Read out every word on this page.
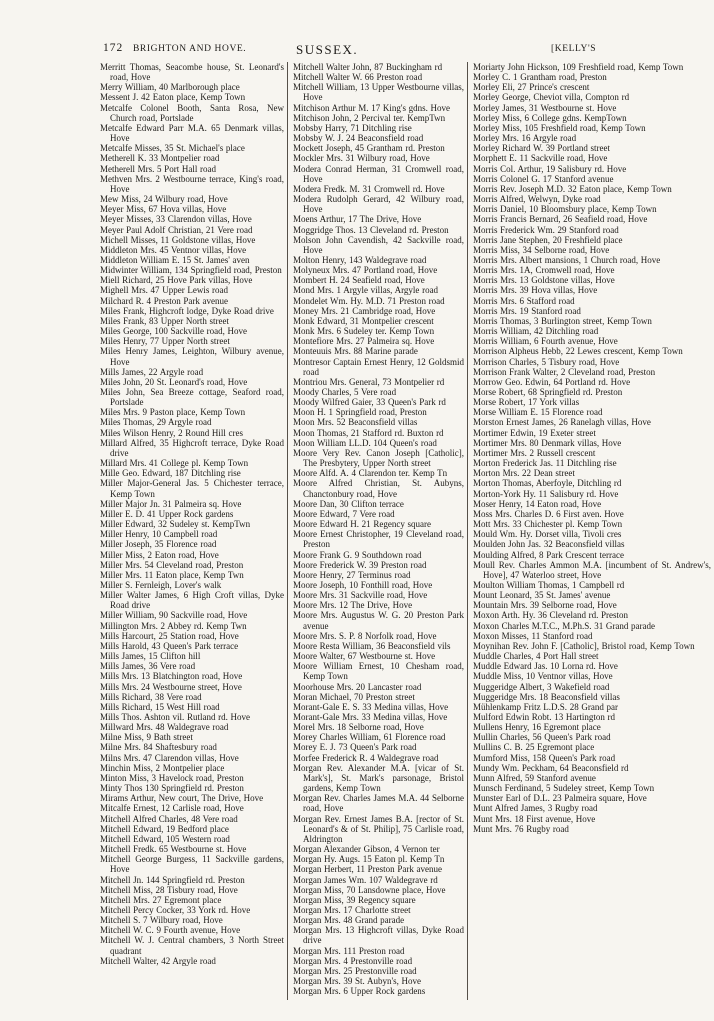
172 BRIGHTON AND HOVE.	SUSSEX.	[KELLY'S

Merritt Thomas, Seacombe house, St. Leonard's road, Hove

Merry William, 40 Marlborough place

Messent J. 42 Eaton place, Kemp Town

Metcalfe Colonel Booth, Santa Rosa, New Church road, Portslade

Metcalfe Edward Parr M.A. 65 Denmark villas, Hove

Metcalfe Misses, 35 St. Michael's place

Metherell K. 33 Montpelier road

Metherell Mrs. 5 Port Hall road

Methven Mrs. 2 Westbourne terrace, King's road, Hove

Mew Miss, 24 Wilbury road, Hove

Meyer Miss, 67 Hova villas, Hove

Meyer Misses, 33 Clarendon villas, Hove

Meyer Paul Adolf Christian, 21 Vere road

Michell Misses, 11 Goldstone villas, Hove

Middleton Mrs. 45 Ventnor villas, Hove

Middleton William E. 15 St. James' aven

Midwinter William, 134 Springfield road, Preston

Miell Richard, 25 Hove Park villas, Hove

Mighell Mrs. 47 Upper Lewis road

Milchard R. 4 Preston Park avenue

Miles Frank, Highcroft lodge, Dyke Road drive

Miles Frank, 83 Upper North street

Miles George, 100 Sackville road, Hove

Miles Henry, 77 Upper North street

Miles Henry James, Leighton, Wilbury avenue, Hove

Mills James, 22 Argyle road

Miles John, 20 St. Leonard's road, Hove

Miles John, Sea Breeze cottage, Seaford road, Portslade

Miles Mrs. 9 Paston place, Kemp Town

Miles Thomas, 29 Argyle road

Miles Wilson Henry, 2 Round Hill cres

Millard Alfred, 35 Highcroft terrace, Dyke Road drive

Millard Mrs. 41 College pl. Kemp Town

Mille Geo. Edward, 187 Ditchling rise

Miller Major-General Jas. 5 Chichester terrace, Kemp Town

Miller Major Jn. 31 Palmeira sq. Hove

Miller E. D. 41 Upper Rock gardens

Miller Edward, 32 Sudeley st. KempTwn

Miller Henry, 10 Campbell road

Miller Joseph, 35 Florence road

Miller Miss, 2 Eaton road, Hove

Miller Mrs. 54 Cleveland road, Preston

Miller Mrs. 11 Eaton place, Kemp Twn

Miller S. Fernleigh, Lover's walk

Miller Walter James, 6 High Croft villas, Dyke Road drive

Miller William, 90 Sackville road, Hove

Millington Mrs. 2 Abbey rd. Kemp Twn

Mills Harcourt, 25 Station road, Hove

Mills Harold, 43 Queen's Park terrace

Mills James, 15 Clifton hill

Mills James, 36 Vere road

Mills Mrs. 13 Blatchington road, Hove

Mills Mrs. 24 Westbourne street, Hove

Mills Richard, 38 Vere road

Mills Richard, 15 West Hill road

Mills Thos. Ashton vil. Rutland rd. Hove

Millward Mrs. 48 Waldegrave road

Milne Miss, 9 Bath street

Milne Mrs. 84 Shaftesbury road

Milns Mrs. 47 Clarendon villas, Hove

Minchin Miss, 2 Montpelier place

Minton Miss, 3 Havelock road, Preston

Minty Thos 130 Springfield rd. Preston

Mirams Arthur, New court, The Drive, Hove

Mitcalfe Ernest, 12 Carlisle road, Hove

Mitchell Alfred Charles, 48 Vere road

Mitchell Edward, 19 Bedford place

Mitchell Edward, 105 Western road

Mitchell Fredk. 65 Westbourne st. Hove

Mitchell George Burgess, 11 Sackville gardens, Hove

Mitchell Jn. 144 Springfield rd. Preston

Mitchell Miss, 28 Tisbury road, Hove

Mitchell Mrs. 27 Egremont place

Mitchell Percy Cocker, 33 York rd. Hove

Mitchell S. 7 Wilbury road, Hove

Mitchell W. C. 9 Fourth avenue, Hove

Mitchell W. J. Central chambers, 3 North Street quadrant

Mitchell Walter, 42 Argyle road

Mitchell Walter John, 87 Buckingham rd

Mitchell Walter W. 66 Preston road

Mitchell William, 13 Upper Westbourne villas, Hove

Mitchison Arthur M. 17 King's gdns. Hove

Mitchison John, 2 Percival ter. KempTwn

Mobsby Harry, 71 Ditchling rise

Mobsby W. J. 24 Beaconsfield road

Mockett Joseph, 45 Grantham rd. Preston

Mockler Mrs. 31 Wilbury road, Hove

Modera Conrad Herman, 31 Cromwell road, Hove

Modera Fredk. M. 31 Cromwell rd. Hove

Modera Rudolph Gerard, 42 Wilbury road, Hove

Moens Arthur, 17 The Drive, Hove

Moggridge Thos. 13 Cleveland rd. Preston

Molson John Cavendish, 42 Sackville road, Hove

Molton Henry, 143 Waldegrave road

Molyneux Mrs. 47 Portland road, Hove

Mombert H. 24 Seafield road, Hove

Mond Mrs. 1 Argyle villas, Argyle road

Mondelet Wm. Hy. M.D. 71 Preston road

Money Mrs. 21 Cambridge road, Hove

Monk Edward, 31 Montpelier crescent

Monk Mrs. 6 Sudeley ter. Kemp Town

Montefiore Mrs. 27 Palmeira sq. Hove

Monteuuis Mrs. 88 Marine parade

Montresor Captain Ernest Henry, 12 Goldsmid road

Montriou Mrs. General, 73 Montpelier rd

Moody Charles, 5 Vere road

Moody Wilfred Gaier, 33 Queen's Park rd

Moon H. 1 Springfield road, Preston

Moon Mrs. 52 Beaconsfield villas

Moon Thomas, 21 Stafford rd. Buxton rd

Moon William LL.D. 104 Queen's road

Moore Very Rev. Canon Joseph [Catholic], The Presbytery, Upper North street

Moore Alfd. A. 4 Clarendon ter. Kemp Tn

Moore Alfred Christian, St. Aubyns, Chanctonbury road, Hove

Moore Dan, 30 Clifton terrace

Moore Edward, 7 Vere road

Moore Edward H. 21 Regency square

Moore Ernest Christopher, 19 Cleveland road, Preston

Moore Frank G. 9 Southdown road

Moore Frederick W. 39 Preston road

Moore Henry, 27 Terminus road

Moore Joseph, 10 Fonthill road, Hove

Moore Mrs. 31 Sackville road, Hove

Moore Mrs. 12 The Drive, Hove

Moore Mrs. Augustus W. G. 20 Preston Park avenue

Moore Mrs. S. P. 8 Norfolk road, Hove

Moore Resta William, 36 Beaconsfield vils

Moore Walter, 67 Westbourne st. Hove

Moore William Ernest, 10 Chesham road, Kemp Town

Moorhouse Mrs. 20 Lancaster road

Moran Michael, 70 Preston street

Morant-Gale E. S. 33 Medina villas, Hove

Morant-Gale Mrs. 33 Medina villas, Hove

Morel Mrs. 18 Selborne road, Hove

Morey Charles William, 61 Florence road

Morey E. J. 73 Queen's Park road

Morfee Frederick R. 4 Waldegrave road

Morgan Rev. Alexander M.A. [vicar of St. Mark's], St. Mark's parsonage, Bristol gardens, Kemp Town

Morgan Rev. Charles James M.A. 44 Selborne road, Hove

Morgan Rev. Ernest James B.A. [rector of St. Leonard's & of St. Philip], 75 Carlisle road, Aldrington

Morgan Alexander Gibson, 4 Vernon ter

Morgan Hy. Augs. 15 Eaton pl. Kemp Tn

Morgan Herbert, 11 Preston Park avenue

Morgan James Wm. 107 Waldegrave rd

Morgan Miss, 70 Lansdowne place, Hove

Morgan Miss, 39 Regency square

Morgan Mrs. 17 Charlotte street

Morgan Mrs. 48 Grand parade

Morgan Mrs. 13 Highcroft villas, Dyke Road drive

Morgan Mrs. 111 Preston road

Morgan Mrs. 4 Prestonville road

Morgan Mrs. 25 Prestonville road

Morgan Mrs. 39 St. Aubyn's, Hove

Morgan Mrs. 6 Upper Rock gardens

Moriarty John Hickson, 109 Freshfield road, Kemp Town

Morley C. 1 Grantham road, Preston

Morley Eli, 27 Prince's crescent

Morley George, Cheviot villa, Compton rd

Morley James, 31 Westbourne st. Hove

Morley Miss, 6 College gdns. KempTown

Morley Miss, 105 Freshfield road, Kemp Town

Morley Mrs. 16 Argyle road

Morley Richard W. 39 Portland street

Morphett E. 11 Sackville road, Hove

Morris Col. Arthur, 19 Salisbury rd. Hove

Morris Colonel G. 17 Stanford avenue

Morris Rev. Joseph M.D. 32 Eaton place, Kemp Town

Morris Alfred, Welwyn, Dyke road

Morris Daniel, 10 Bloomsbury place, Kemp Town

Morris Francis Bernard, 26 Seafield road, Hove

Morris Frederick Wm. 29 Stanford road

Morris Jane Stephen, 20 Freshfield place

Morris Miss, 34 Selborne road, Hove

Morris Mrs. Albert mansions, 1 Church road, Hove

Morris Mrs. 1A, Cromwell road, Hove

Morris Mrs. 13 Goldstone villas, Hove

Morris Mrs. 39 Hova villas, Hove

Morris Mrs. 6 Stafford road

Morris Mrs. 19 Stanford road

Morris Thomas, 3 Burlington street, Kemp Town

Morris William, 42 Ditchling road

Morris William, 6 Fourth avenue, Hove

Morrison Alpheus Hebb, 22 Lewes crescent, Kemp Town

Morrison Charles, 5 Tisbury road, Hove

Morrison Frank Walter, 2 Cleveland road, Preston

Morrow Geo. Edwin, 64 Portland rd. Hove

Morse Robert, 68 Springfield rd. Preston

Morse Robert, 17 York villas

Morse William E. 15 Florence road

Morston Ernest James, 26 Ranelagh villas, Hove

Mortimer Edwin, 19 Exeter street

Mortimer Mrs. 80 Denmark villas, Hove

Mortimer Mrs. 2 Russell crescent

Morton Frederick Jas. 11 Ditchling rise

Morton Mrs. 22 Dean street

Morton Thomas, Aberfoyle, Ditchling rd

Morton-York Hy. 11 Salisbury rd. Hove

Moser Henry, 14 Eaton road, Hove

Moss Mrs. Charles D. 6 First aven. Hove

Mott Mrs. 33 Chichester pl. Kemp Town

Mould Wm. Hy. Dorset villa, Tivoli cres

Moulden John Jas. 32 Beaconsfield villas

Moulding Alfred, 8 Park Crescent terrace

Moull Rev. Charles Ammon M.A. [incumbent of St. Andrew's, Hove], 47 Waterloo street, Hove

Moulton William Thomas, 1 Campbell rd

Mount Leonard, 35 St. James' avenue

Mountain Mrs. 39 Selborne road, Hove

Moxon Arth. Hy. 36 Cleveland rd. Preston

Moxon Charles M.T.C., M.Ph.S. 31 Grand parade

Moxon Misses, 11 Stanford road

Moynihan Rev. John F. [Catholic], Bristol road, Kemp Town

Muddle Charles, 4 Port Hall street

Muddle Edward Jas. 10 Lorna rd. Hove

Muddle Miss, 10 Ventnor villas, Hove

Muggeridge Albert, 3 Wakefield road

Muggeridge Mrs. 18 Beaconsfield villas

Mühlenkamp Fritz L.D.S. 28 Grand par

Mulford Edwin Robt. 13 Hartington rd

Mullens Henry, 16 Egremont place

Mullin Charles, 56 Queen's Park road

Mullins C. B. 25 Egremont place

Mumford Miss, 158 Queen's Park road

Mundy Wm. Peckham, 64 Beaconsfield rd

Munn Alfred, 59 Stanford avenue

Munsch Ferdinand, 5 Sudeley street, Kemp Town

Munster Earl of D.L. 23 Palmeira square, Hove

Munt Alfred James, 3 Rugby road

Munt Mrs. 18 First avenue, Hove

Munt Mrs. 76 Rugby road
